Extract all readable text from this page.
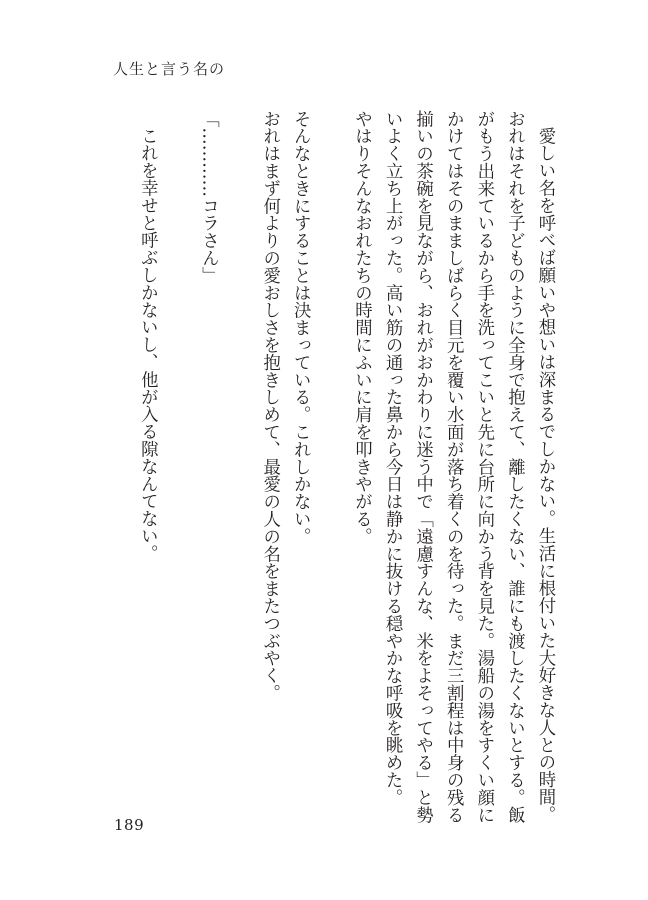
人生と言う名の
愛しい名を呼べば願いや想いは深まるでしかない。生活に根付いた大好きな人との時間。
おれはそれを子どものように全身で抱えて、離したくない、誰にも渡したくないとする。飯
がもう出来ているから手を洗ってこいと先に台所に向かう背を見た。湯船の湯をすくい顔に
かけてはそのまましばらく目元を覆い水面が落ち着くのを待った。まだ三割程は中身の残る
揃いの茶碗を見ながら、おれがおかわりに迷う中で「遠慮すんな、米をよそってやる」と勢
いよく立ち上がった。高い筋の通った鼻から今日は静かに抜ける穏やかな呼吸を眺めた。
やはりそんなおれたちの時間にふいに肩を叩きやがる。
そんなときにすることは決まっている。これしかない。
おれはまず何よりの愛おしさを抱きしめて、最愛の人の名をまたつぶやく。
「…………コラさん」
これを幸せと呼ぶしかないし、他が入る隙なんてない。
189
